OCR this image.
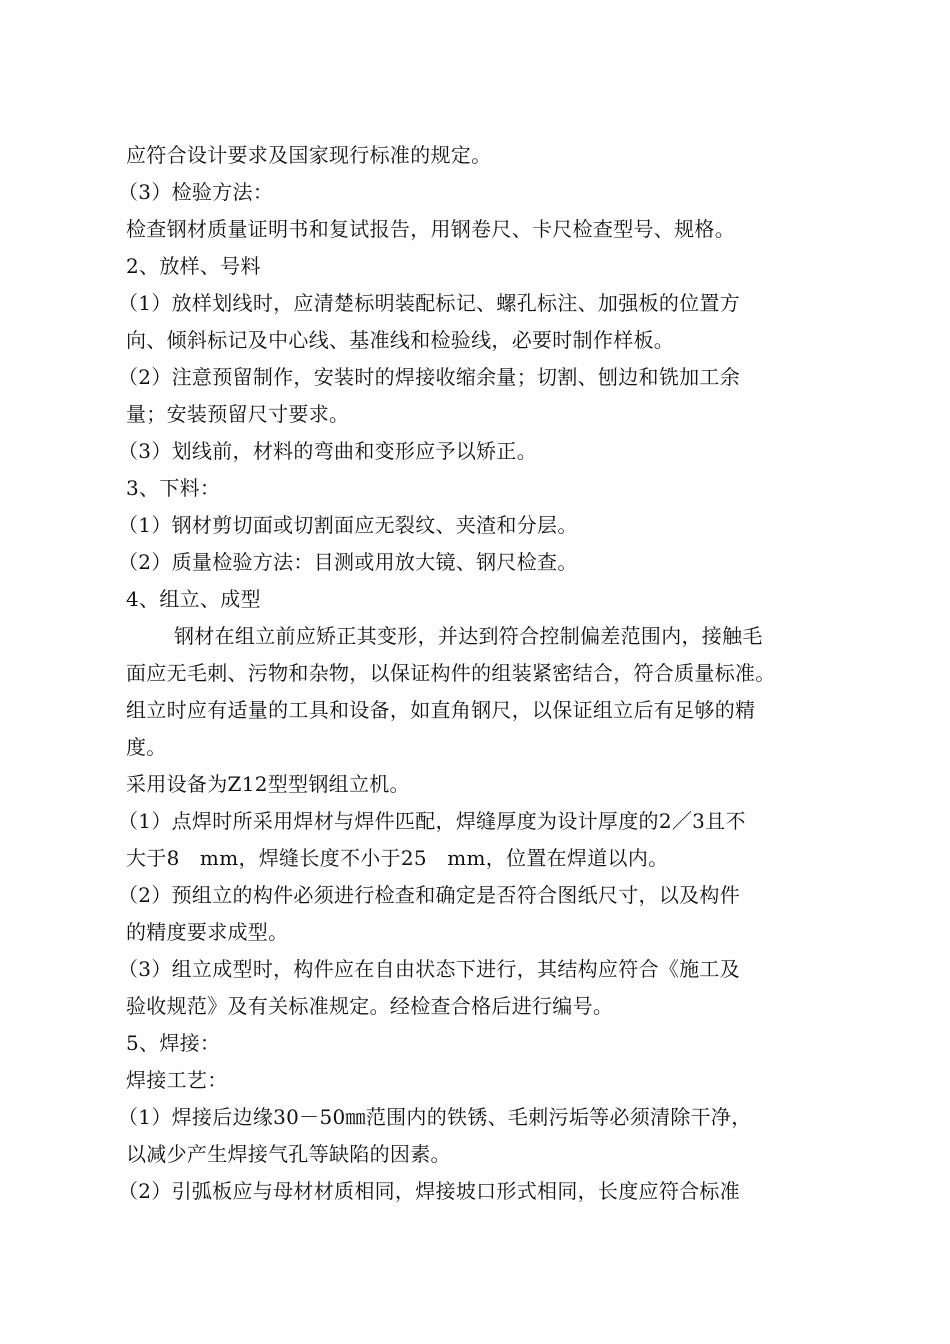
应符合设计要求及国家现行标准的规定。
（3）检验方法：
检查钢材质量证明书和复试报告，用钢卷尺、卡尺检查型号、规格。
2、放样、号料
（1）放样划线时，应清楚标明装配标记、螺孔标注、加强板的位置方
向、倾斜标记及中心线、基准线和检验线，必要时制作样板。
（2）注意预留制作，安装时的焊接收缩余量；切割、刨边和铣加工余
量；安装预留尺寸要求。
（3）划线前，材料的弯曲和变形应予以矫正。
3、下料：
（1）钢材剪切面或切割面应无裂纹、夹渣和分层。
（2）质量检验方法：目测或用放大镜、钢尺检查。
4、组立、成型
钢材在组立前应矫正其变形，并达到符合控制偏差范围内，接触毛
面应无毛刺、污物和杂物，以保证构件的组装紧密结合，符合质量标准。
组立时应有适量的工具和设备，如直角钢尺，以保证组立后有足够的精
度。
采用设备为Z12型型钢组立机。
（1）点焊时所采用焊材与焊件匹配，焊缝厚度为设计厚度的2／3且不
大于8　mm，焊缝长度不小于25　mm，位置在焊道以内。
（2）预组立的构件必须进行检查和确定是否符合图纸尺寸，以及构件
的精度要求成型。
（3）组立成型时，构件应在自由状态下进行，其结构应符合《施工及
验收规范》及有关标准规定。经检查合格后进行编号。
5、焊接：
焊接工艺：
（1）焊接后边缘30－50㎜范围内的铁锈、毛刺污垢等必须清除干净，
以减少产生焊接气孔等缺陷的因素。
（2）引弧板应与母材材质相同，焊接坡口形式相同，长度应符合标准
